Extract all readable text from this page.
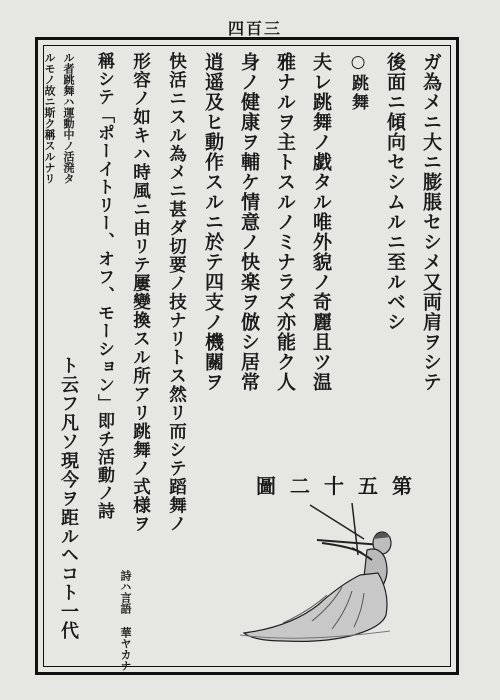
四百三
ガ為メニ大ニ膨脹セシメ又両肩ヲシテ
後面ニ傾向セシムルニ至ルベシ
○跳舞
夫レ跳舞ノ戯タル唯外貌ノ奇麗且ツ温
雅ナルヲ主トスルノミナラズ亦能ク人
身ノ健康ヲ輔ケ情意ノ快楽ヲ倣シ居常
逍遥及ヒ動作スルニ於テ四支ノ機關ヲ
快活ニスル為メニ甚ダ切要ノ技ナリトス然リ而シテ蹈舞ノ
形容ノ如キハ時風ニ由リテ屢變換スル所アリ跳舞ノ式様ヲ
稱シテ「ポーイトリー、オフ、モーション」即チ活動ノ詩
詩ハ言語 華ヤカナ
ル者跳舞ハ運動中ノ活溌タ
ト云フ凡ソ現今ヲ距ル
ヘコト一代
ルモノ故ニ斯ク稱スルナリ
第五十二圖
